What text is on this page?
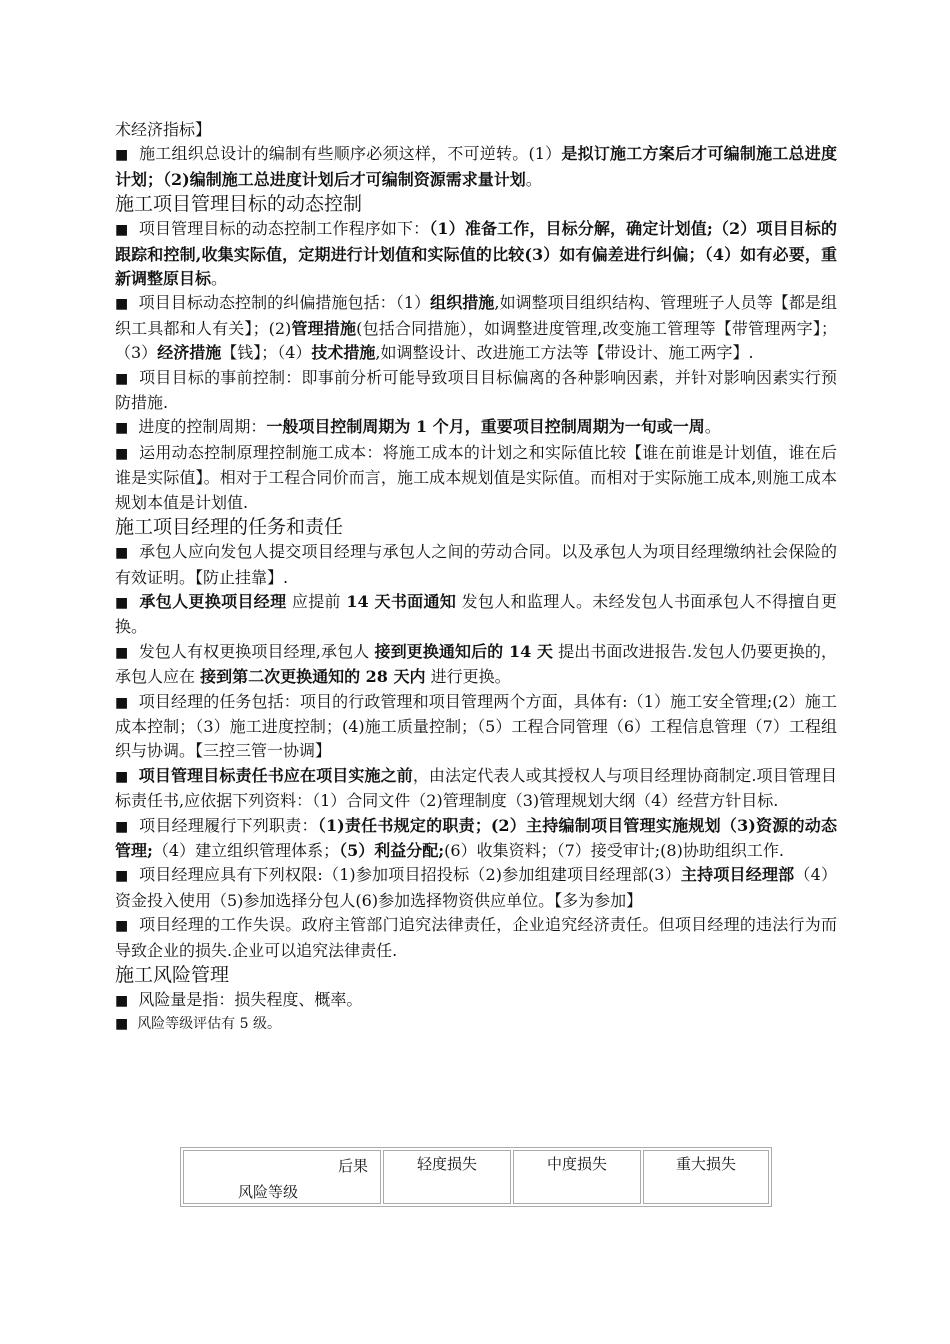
术经济指标】

■ 施工组织总设计的编制有些顺序必须这样，不可逆转。(1）是拟订施工方案后才可编制施工总进度计划；（2)编制施工总进度计划后才可编制资源需求量计划。

施工项目管理目标的动态控制

■ 项目管理目标的动态控制工作程序如下：（1）准备工作，目标分解，确定计划值;（2）项目目标的跟踪和控制,收集实际值，定期进行计划值和实际值的比较(3）如有偏差进行纠偏；（4）如有必要，重新调整原目标。

■ 项目目标动态控制的纠偏措施包括：（1）组织措施,如调整项目组织结构、管理班子人员等【都是组织工具都和人有关】；(2)管理措施(包括合同措施），如调整进度管理,改变施工管理等【带管理两字】；（3）经济措施【钱】；（4）技术措施,如调整设计、改进施工方法等【带设计、施工两字】.

■ 项目目标的事前控制：即事前分析可能导致项目目标偏离的各种影响因素，并针对影响因素实行预防措施.

■ 进度的控制周期：一般项目控制周期为 1 个月，重要项目控制周期为一旬或一周。

■ 运用动态控制原理控制施工成本：将施工成本的计划之和实际值比较【谁在前谁是计划值，谁在后谁是实际值】。相对于工程合同价而言，施工成本规划值是实际值。而相对于实际施工成本,则施工成本规划本值是计划值.

施工项目经理的任务和责任

■ 承包人应向发包人提交项目经理与承包人之间的劳动合同。以及承包人为项目经理缴纳社会保险的有效证明。【防止挂靠】.

■ 承包人更换项目经理 应提前 14 天书面通知 发包人和监理人。未经发包人书面承包人不得擅自更换。

■ 发包人有权更换项目经理,承包人 接到更换通知后的 14 天 提出书面改进报告.发包人仍要更换的，承包人应在 接到第二次更换通知的 28 天内 进行更换。

■ 项目经理的任务包括：项目的行政管理和项目管理两个方面，具体有:（1）施工安全管理;(2）施工成本控制；（3）施工进度控制；(4)施工质量控制；（5）工程合同管理（6）工程信息管理（7）工程组织与协调。【三控三管一协调】

■ 项目管理目标责任书应在项目实施之前，由法定代表人或其授权人与项目经理协商制定.项目管理目标责任书,应依据下列资料：（1）合同文件（2)管理制度（3)管理规划大纲（4）经营方针目标.

■ 项目经理履行下列职责：（1)责任书规定的职责；(2）主持编制项目管理实施规划（3)资源的动态管理;（4）建立组织管理体系；（5）利益分配;(6）收集资料；（7）接受审计;(8)协助组织工作.

■ 项目经理应具有下列权限:（1)参加项目招投标（2)参加组建项目经理部(3）主持项目经理部（4）资金投入使用（5)参加选择分包人(6)参加选择物资供应单位。【多为参加】

■ 项目经理的工作失误。政府主管部门追究法律责任，企业追究经济责任。但项目经理的违法行为而导致企业的损失.企业可以追究法律责任.

施工风险管理

■ 风险量是指：损失程度、概率。

■ 风险等级评估有 5 级。

后果
风险等级
	轻度损失	中度损失	重大损失
